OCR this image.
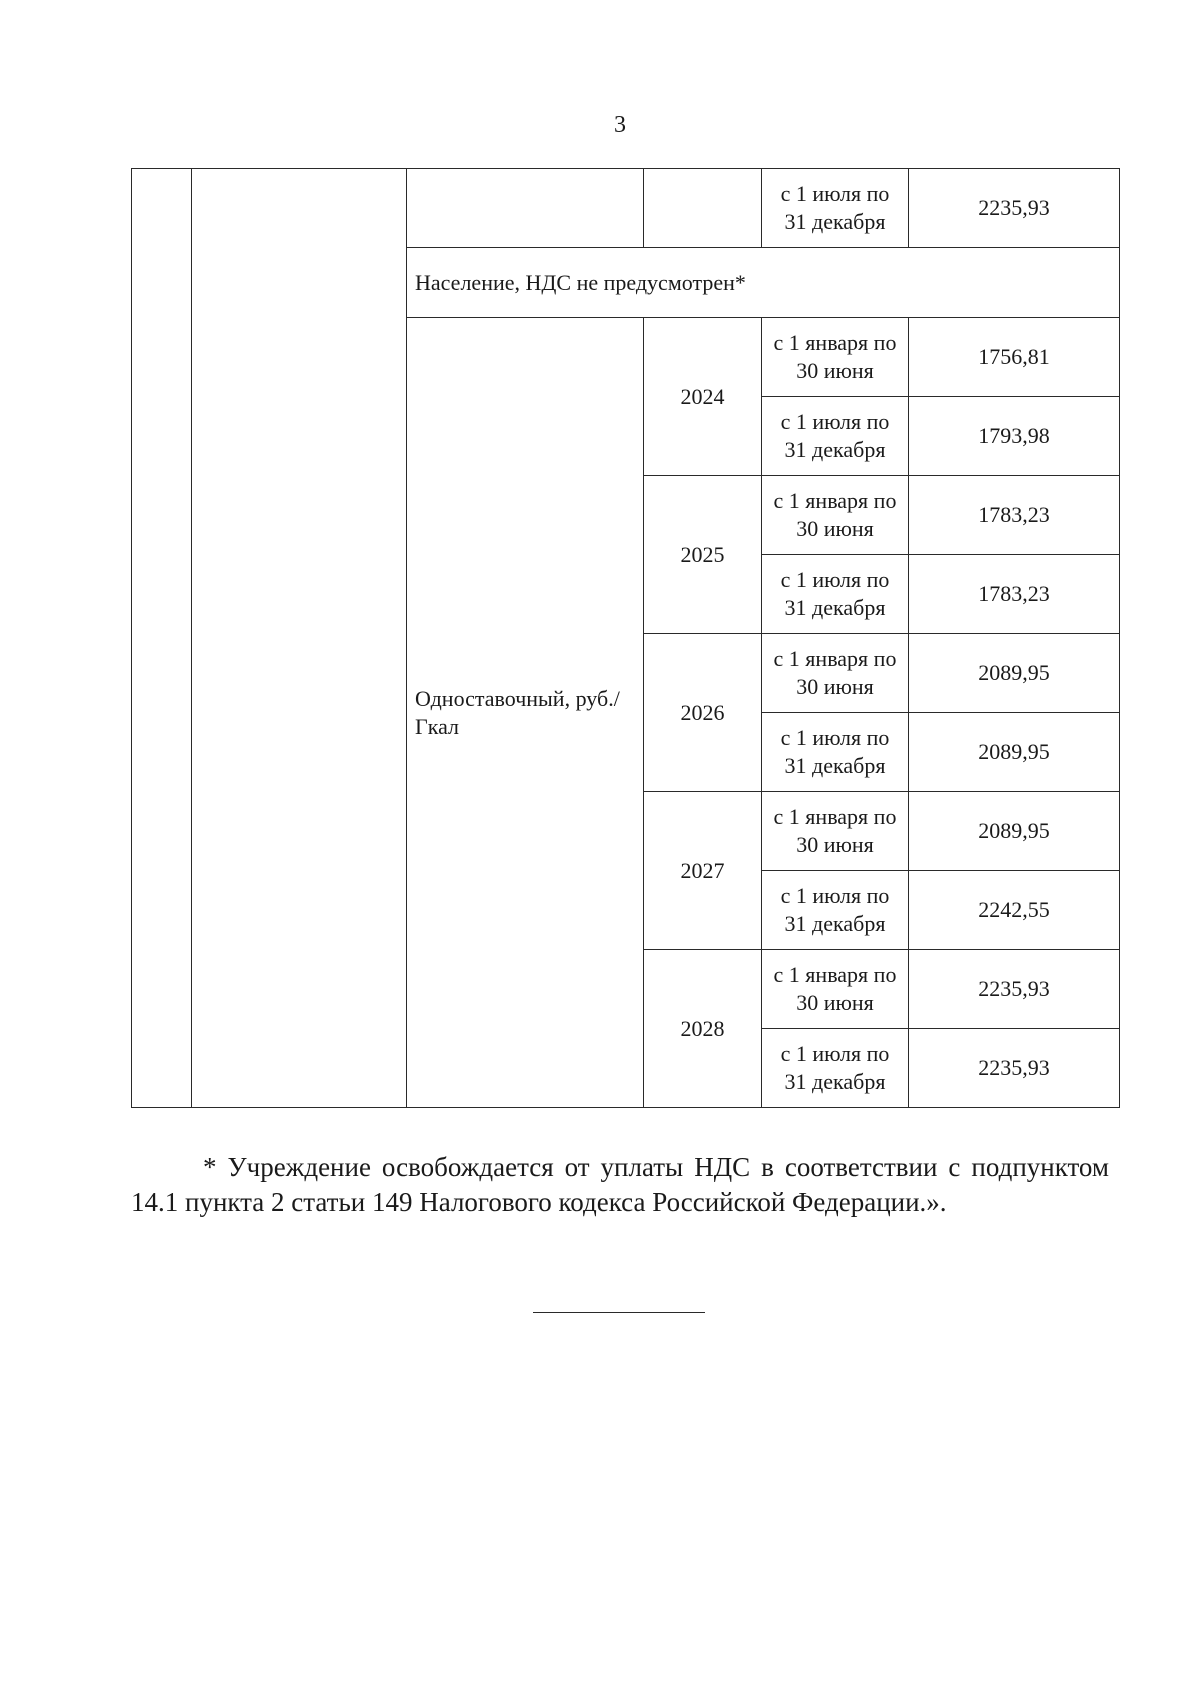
3
				с 1 июля по 31 декабря	2235,93
		Население, НДС не предусмотрен*			
		Одноставочный, руб./Гкал	2024	с 1 января по 30 июня	1756,81
				с 1 июля по 31 декабря	1793,98
			2025	с 1 января по 30 июня	1783,23
				с 1 июля по 31 декабря	1783,23
			2026	с 1 января по 30 июня	2089,95
				с 1 июля по 31 декабря	2089,95
			2027	с 1 января по 30 июня	2089,95
				с 1 июля по 31 декабря	2242,55
			2028	с 1 января по 30 июня	2235,93
				с 1 июля по 31 декабря	2235,93
* Учреждение освобождается от уплаты НДС в соответствии с подпунктом 14.1 пункта 2 статьи 149 Налогового кодекса Российской Федерации.».
